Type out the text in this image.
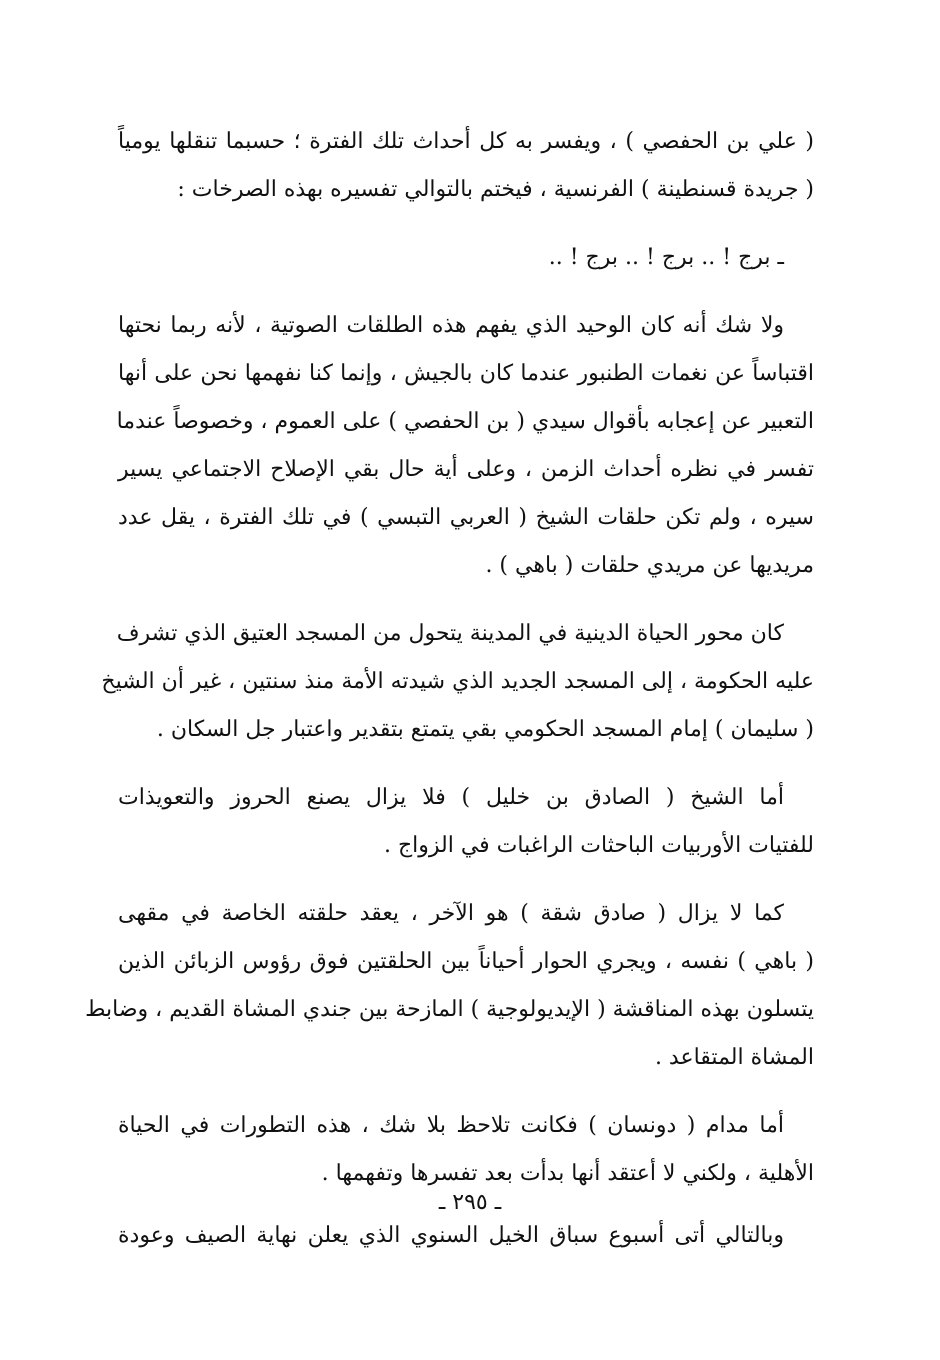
( علي بن الحفصي ) ، ويفسر به كل أحداث تلك الفترة ؛ حسبما تنقلها يومياً
( جريدة قسنطينة ) الفرنسية ، فيختم بالتوالي تفسيره بهذه الصرخات :
ـ برج ! .. برج ! .. برج ! ..
ولا شك أنه كان الوحيد الذي يفهم هذه الطلقات الصوتية ، لأنه ربما نحتها
اقتباساً عن نغمات الطنبور عندما كان بالجيش ، وإنما كنا نفهمها نحن على أنها
التعبير عن إعجابه بأقوال سيدي ( بن الحفصي ) على العموم ، وخصوصاً عندما
تفسر في نظره أحداث الزمن ، وعلى أية حال بقي الإصلاح الاجتماعي يسير
سيره ، ولم تكن حلقات الشيخ ( العربي التبسي ) في تلك الفترة ، يقل عدد
مريديها عن مريدي حلقات ( باهي ) .
كان محور الحياة الدينية في المدينة يتحول من المسجد العتيق الذي تشرف
عليه الحكومة ، إلى المسجد الجديد الذي شيدته الأمة منذ سنتين ، غير أن الشيخ
( سليمان ) إمام المسجد الحكومي بقي يتمتع بتقدير واعتبار جل السكان .
أما الشيخ ( الصادق بن خليل ) فلا يزال يصنع الحروز والتعويذات
للفتيات الأوربيات الباحثات الراغبات في الزواج .
كما لا يزال ( صادق شقة ) هو الآخر ، يعقد حلقته الخاصة في مقهى
( باهي ) نفسه ، ويجري الحوار أحياناً بين الحلقتين فوق رؤوس الزبائن الذين
يتسلون بهذه المناقشة ( الإيديولوجية ) المازحة بين جندي المشاة القديم ، وضابط
المشاة المتقاعد .
أما مدام ( دونسان ) فكانت تلاحظ بلا شك ، هذه التطورات في الحياة
الأهلية ، ولكني لا أعتقد أنها بدأت بعد تفسرها وتفهمها .
وبالتالي أتى أسبوع سباق الخيل السنوي الذي يعلن نهاية الصيف وعودة
ـ ٢٩٥ ـ
